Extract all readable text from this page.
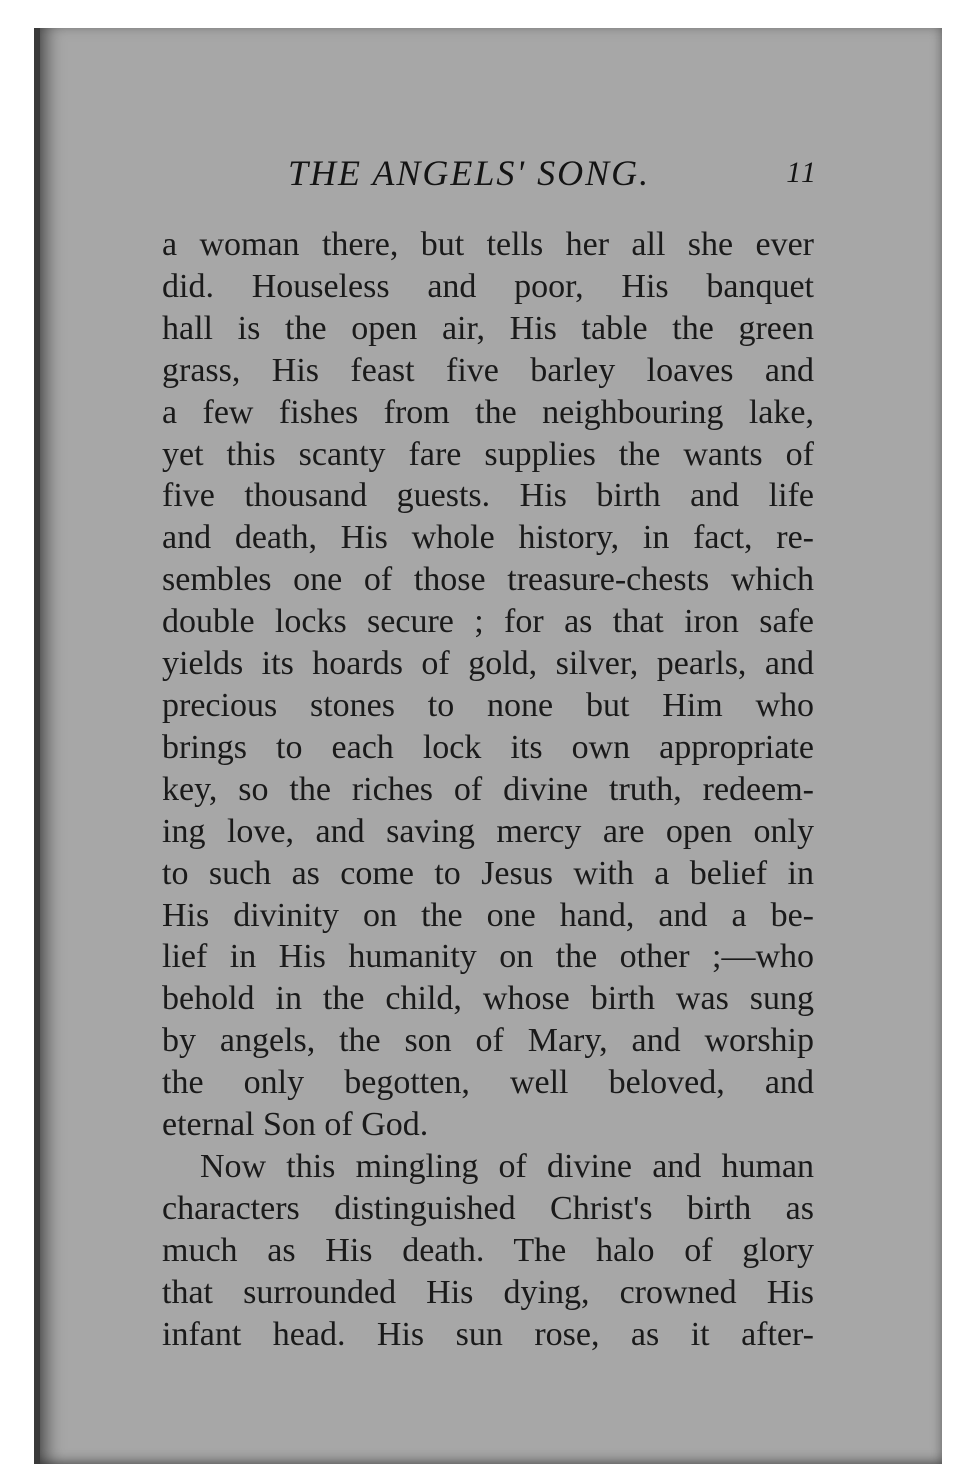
THE ANGELS' SONG.	11
a woman there, but tells her all she ever
did. Houseless and poor, His banquet
hall is the open air, His table the green
grass, His feast five barley loaves and
a few fishes from the neighbouring lake,
yet this scanty fare supplies the wants of
five thousand guests. His birth and life
and death, His whole history, in fact, re-
sembles one of those treasure-chests which
double locks secure ; for as that iron safe
yields its hoards of gold, silver, pearls, and
precious stones to none but Him who
brings to each lock its own appropriate
key, so the riches of divine truth, redeem-
ing love, and saving mercy are open only
to such as come to Jesus with a belief in
His divinity on the one hand, and a be-
lief in His humanity on the other ;—who
behold in the child, whose birth was sung
by angels, the son of Mary, and worship
the only begotten, well beloved, and
eternal Son of God.
Now this mingling of divine and human
characters distinguished Christ's birth as
much as His death. The halo of glory
that surrounded His dying, crowned His
infant head. His sun rose, as it after-
